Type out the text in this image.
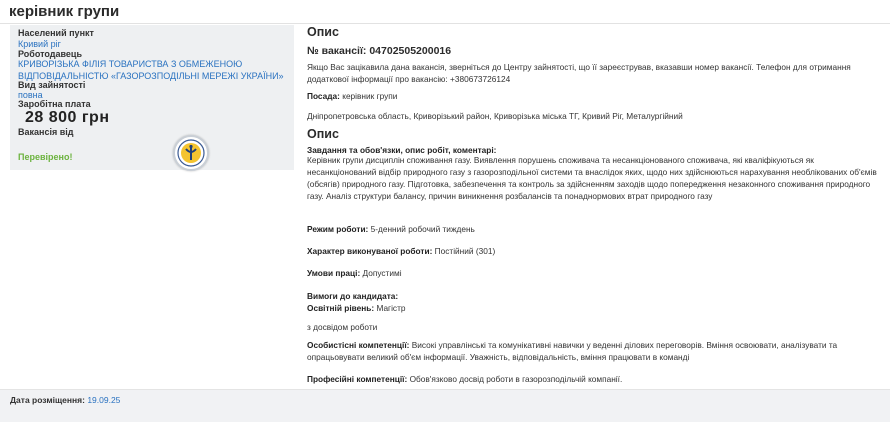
керівник групи
Населений пункт
Кривий ріг
Роботодавець
КРИВОРІЗЬКА ФІЛІЯ ТОВАРИСТВА З ОБМЕЖЕНОЮ ВІДПОВІДАЛЬНІСТЮ «ГАЗОРОЗПОДІЛЬНІ МЕРЕЖІ УКРАЇНИ»
Вид зайнятості
повна
Заробітна плата
28 800 грн
Вакансія від
Перевірено!
Опис
№ вакансії: 04702505200016
Якщо Вас зацікавила дана вакансія, зверніться до Центру зайнятості, що її зареєстрував, вказавши номер вакансії. Телефон для отримання додаткової інформації про вакансію: +380673726124
Посада: керівник групи
Дніпропетровська область, Криворізький район, Криворізька міська ТГ, Кривий Ріг, Металургійний
Опис
Завдання та обов'язки, опис робіт, коментарі:
Керівник групи дисциплін споживання газу. Виявлення порушень споживача та несанкціонованого споживача, які кваліфікуються як несанкціонований відбір природного газу з газорозподільної системи та внаслідок яких, щодо них здійснюються нарахування необлікованих об'ємів (обсягів) природного газу. Підготовка, забезпечення та контроль за здійсненням заходів щодо попередження незаконного споживання природного газу. Аналіз структури балансу, причин виникнення розбалансів та понаднормових втрат природного газу
Режим роботи: 5-денний робочий тиждень
Характер виконуваної роботи: Постійний (301)
Умови праці: Допустимі
Вимоги до кандидата:
Освітній рівень: Магістр
з досвідом роботи
Особистісні компетенції: Високі управлінські та комунікативні навички у веденні ділових переговорів. Вміння освоювати, аналізувати та опрацьовувати великий об'єм інформації. Уважність, відповідальність, вміння працювати в команді
Професійні компетенції: Обов'язково досвід роботи в газорозподільчій компанії.
Дата розміщення: 19.09.25
